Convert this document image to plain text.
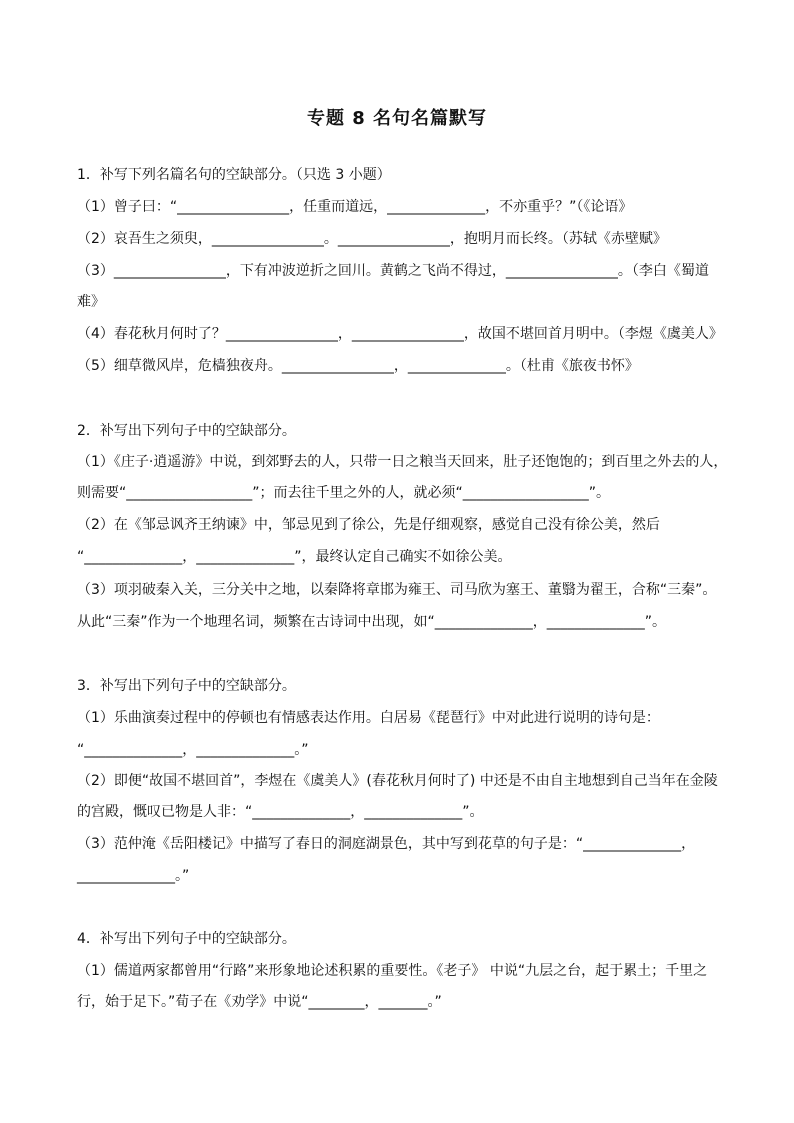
专题 8 名句名篇默写
1．补写下列名篇名句的空缺部分。（只选 3 小题）
（1）曾子曰：“________________，任重而道远，______________，不亦重乎？”（《论语》
（2）哀吾生之须臾，________________。________________，抱明月而长终。（苏轼《赤壁赋》
（3）________________，下有冲波逆折之回川。黄鹤之飞尚不得过，________________。（李白《蜀道
难》
（4）春花秋月何时了？________________，________________，故国不堪回首月明中。（李煜《虞美人》
（5）细草微风岸，危樯独夜舟。________________，______________。（杜甫《旅夜书怀》
2．补写出下列句子中的空缺部分。
（1）《庄子·逍遥游》中说，到郊野去的人，只带一日之粮当天回来，肚子还饱饱的；到百里之外去的人，
则需要“__________________”；而去往千里之外的人，就必须“__________________”。
（2）在《邹忌讽齐王纳谏》中，邹忌见到了徐公，先是仔细观察，感觉自己没有徐公美，然后
“______________，______________”，最终认定自己确实不如徐公美。
（3）项羽破秦入关，三分关中之地，以秦降将章邯为雍王、司马欣为塞王、董翳为翟王，合称“三秦”。
从此“三秦”作为一个地理名词，频繁在古诗词中出现，如“______________，______________”。
3．补写出下列句子中的空缺部分。
（1）乐曲演奏过程中的停顿也有情感表达作用。白居易《琵琶行》中对此进行说明的诗句是：
“______________，______________。”
（2）即便“故国不堪回首”，李煜在《虞美人》(春花秋月何时了) 中还是不由自主地想到自己当年在金陵
的宫殿，慨叹已物是人非：“______________，______________”。
（3）范仲淹《岳阳楼记》中描写了春日的洞庭湖景色，其中写到花草的句子是：“______________，
______________。”
4．补写出下列句子中的空缺部分。
（1）儒道两家都曾用“行路”来形象地论述积累的重要性。《老子》 中说“九层之台，起于累土；千里之
行，始于足下。”荀子在《劝学》中说“________，_______。”
